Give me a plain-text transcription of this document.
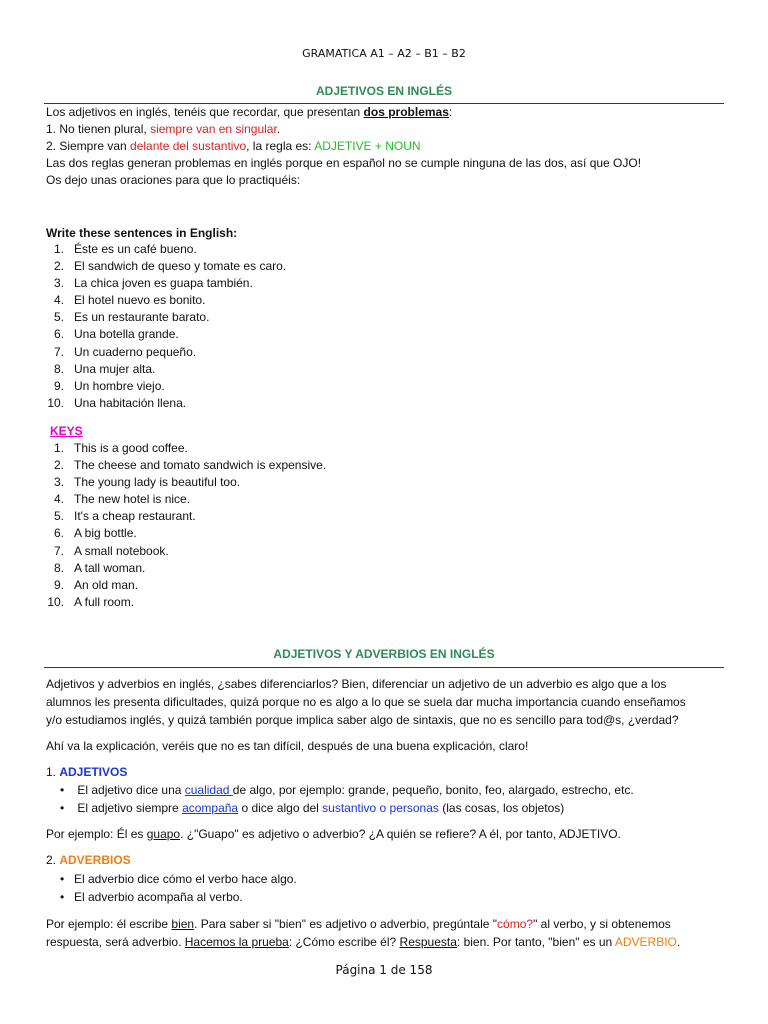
GRAMATICA A1 – A2 – B1 – B2
ADJETIVOS EN INGLÉS
Los adjetivos en inglés, tenéis que recordar, que presentan dos problemas:
1. No tienen plural, siempre van en singular.
2. Siempre van delante del sustantivo, la regla es: ADJETIVE + NOUN
Las dos reglas generan problemas en inglés porque en español no se cumple ninguna de las dos, así que OJO!
Os dejo unas oraciones para que lo practiquéis:
Write these sentences in English:
1. Éste es un café bueno.
2. El sandwich de queso y tomate es caro.
3. La chica joven es guapa también.
4. El hotel nuevo es bonito.
5. Es un restaurante barato.
6. Una botella grande.
7. Un cuaderno pequeño.
8. Una mujer alta.
9. Un hombre viejo.
10. Una habitación llena.
KEYS
1. This is a good coffee.
2. The cheese and tomato sandwich is expensive.
3. The young lady is beautiful too.
4. The new hotel is nice.
5. It's a cheap restaurant.
6. A big bottle.
7. A small notebook.
8. A tall woman.
9. An old man.
10. A full room.
ADJETIVOS Y ADVERBIOS EN INGLÉS
Adjetivos y adverbios en inglés, ¿sabes diferenciarlos? Bien, diferenciar un adjetivo de un adverbio es algo que a los
alumnos les presenta dificultades, quizá porque no es algo a lo que se suela dar mucha importancia cuando enseñamos
y/o estudiamos inglés, y quizá también porque implica saber algo de sintaxis, que no es sencillo para tod@s, ¿verdad?
Ahí va la explicación, veréis que no es tan difícil, después de una buena explicación, claro!
1. ADJETIVOS
• El adjetivo dice una cualidad de algo, por ejemplo: grande, pequeño, bonito, feo, alargado, estrecho, etc.
• El adjetivo siempre acompaña o dice algo del sustantivo o personas (las cosas, los objetos)
Por ejemplo: Él es guapo. ¿"Guapo" es adjetivo o adverbio? ¿A quién se refiere? A él, por tanto, ADJETIVO.
2. ADVERBIOS
• El adverbio dice cómo el verbo hace algo.
• El adverbio acompaña al verbo.
Por ejemplo: él escribe bien. Para saber si "bien" es adjetivo o adverbio, pregúntale "cómo?" al verbo, y si obtenemos
respuesta, será adverbio. Hacemos la prueba: ¿Cómo escribe él? Respuesta: bien. Por tanto, "bien" es un ADVERBIO.
Página 1 de 158
